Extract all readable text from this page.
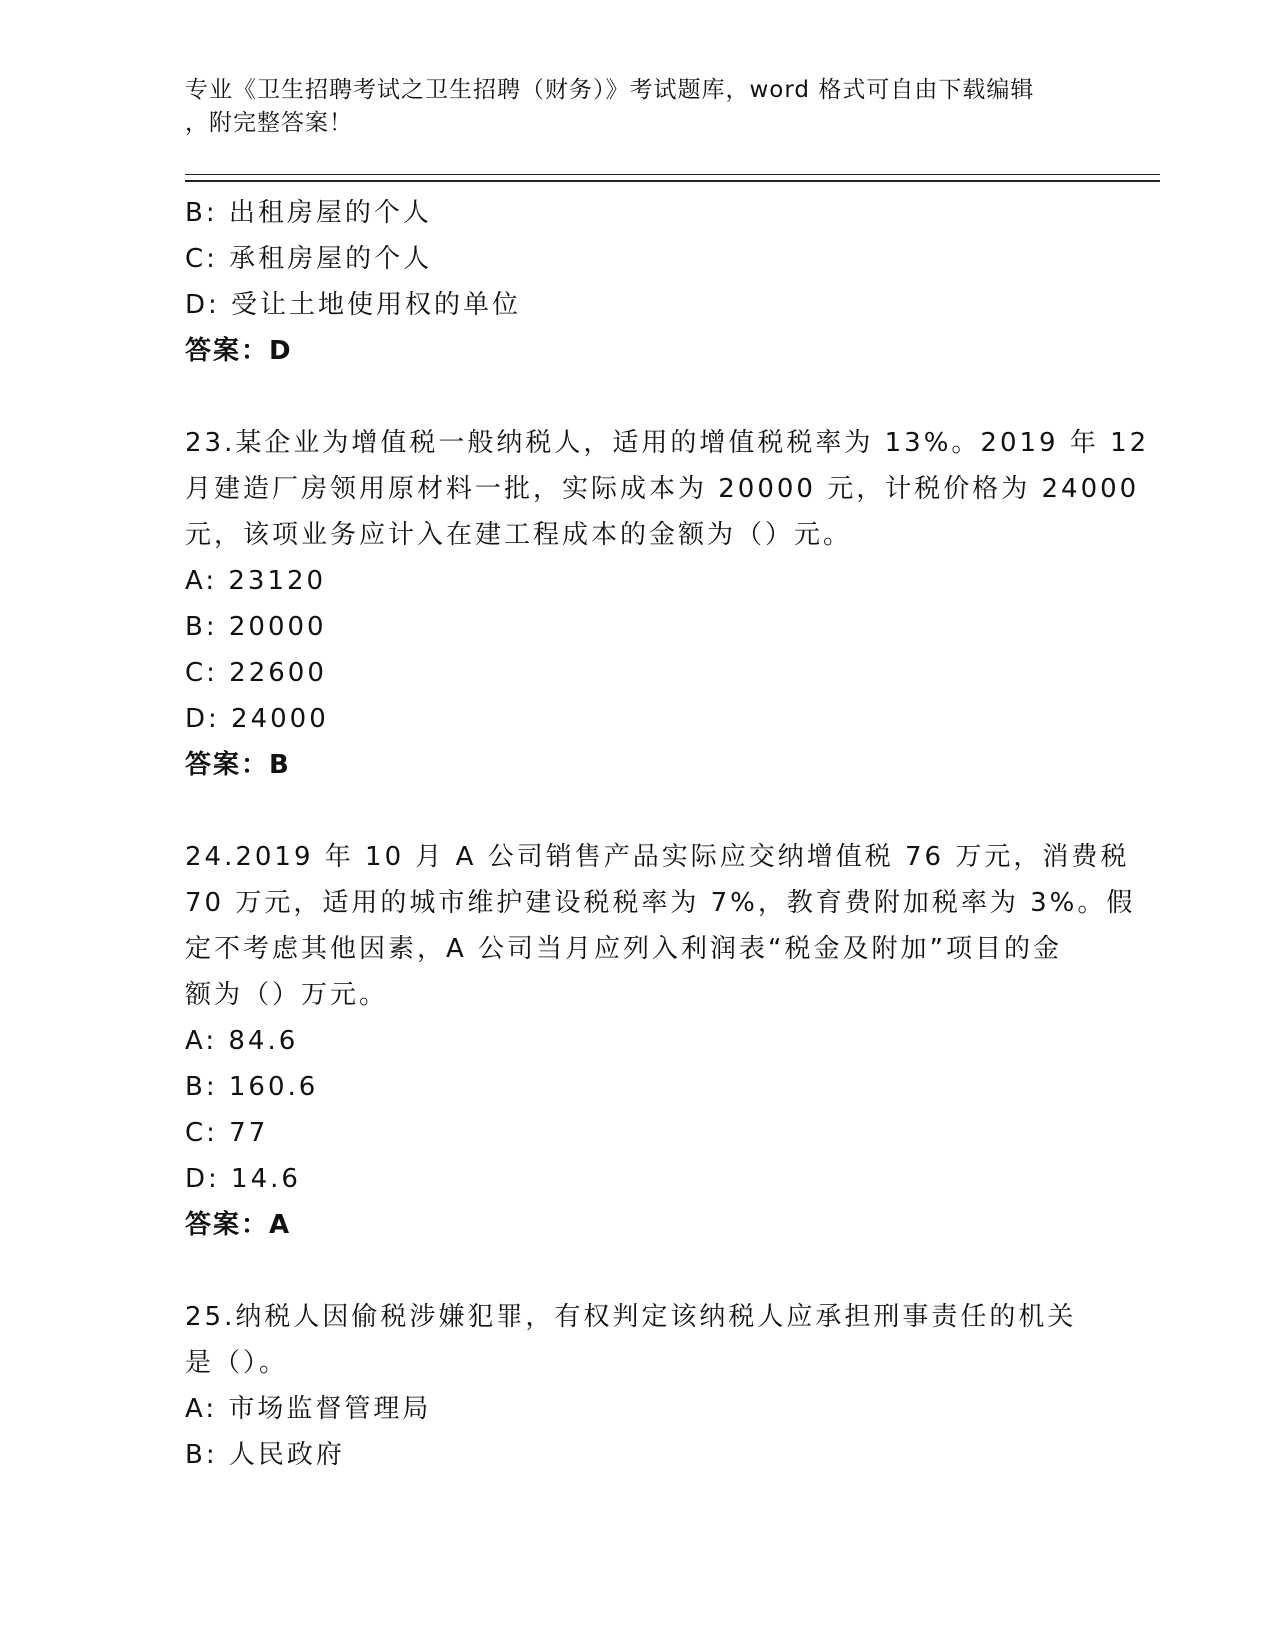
专业《卫生招聘考试之卫生招聘（财务）》考试题库，word 格式可自由下载编辑
，附完整答案！
B: 出租房屋的个人
C: 承租房屋的个人
D: 受让土地使用权的单位
答案：D
23.某企业为增值税一般纳税人，适用的增值税税率为 13%。2019 年 12
月建造厂房领用原材料一批，实际成本为 20000 元，计税价格为 24000
元，该项业务应计入在建工程成本的金额为（）元。
A: 23120
B: 20000
C: 22600
D: 24000
答案：B
24.2019 年 10 月 A 公司销售产品实际应交纳增值税 76 万元，消费税
70 万元，适用的城市维护建设税税率为 7%，教育费附加税率为 3%。假
定不考虑其他因素，A 公司当月应列入利润表“税金及附加”项目的金
额为（）万元。
A: 84.6
B: 160.6
C: 77
D: 14.6
答案：A
25.纳税人因偷税涉嫌犯罪，有权判定该纳税人应承担刑事责任的机关
是（）。
A: 市场监督管理局
B: 人民政府
